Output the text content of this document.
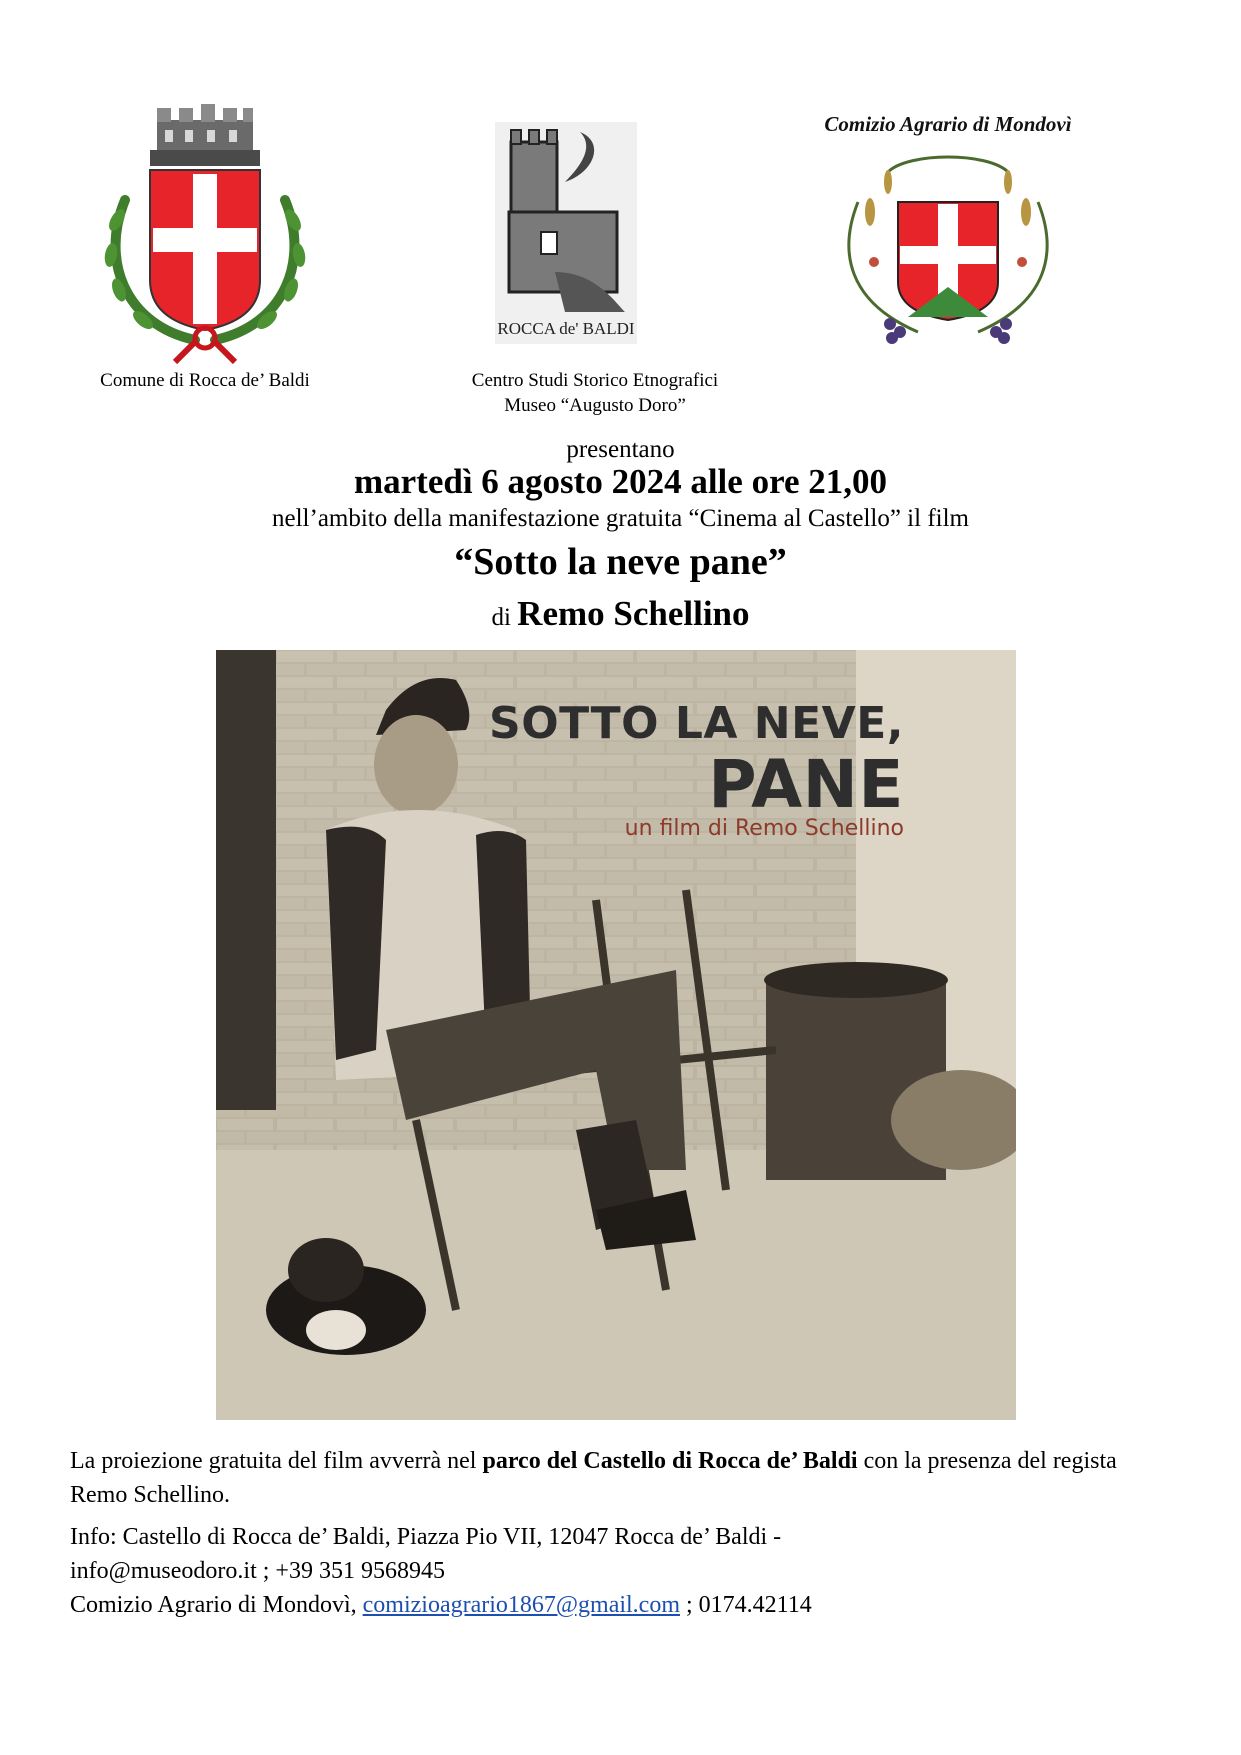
Comune di Rocca de’ Baldi
ROCCA de' BALDI
Centro Studi Storico Etnografici
Museo “Augusto Doro”
Comizio Agrario di Mondovì
presentano
martedì 6 agosto 2024 alle ore 21,00
nell’ambito della manifestazione gratuita “Cinema al Castello” il film
“Sotto la neve pane”
di Remo Schellino
SOTTO LA NEVE,
PANE
un film di Remo Schellino
La proiezione gratuita del film avverrà nel parco del Castello di Rocca de’ Baldi con la presenza del regista Remo Schellino.
Info: Castello di Rocca de’ Baldi, Piazza Pio VII, 12047 Rocca de’ Baldi -
info@museodoro.it ; +39 351 9568945
Comizio Agrario di Mondovì, comizioagrario1867@gmail.com ; 0174.42114
